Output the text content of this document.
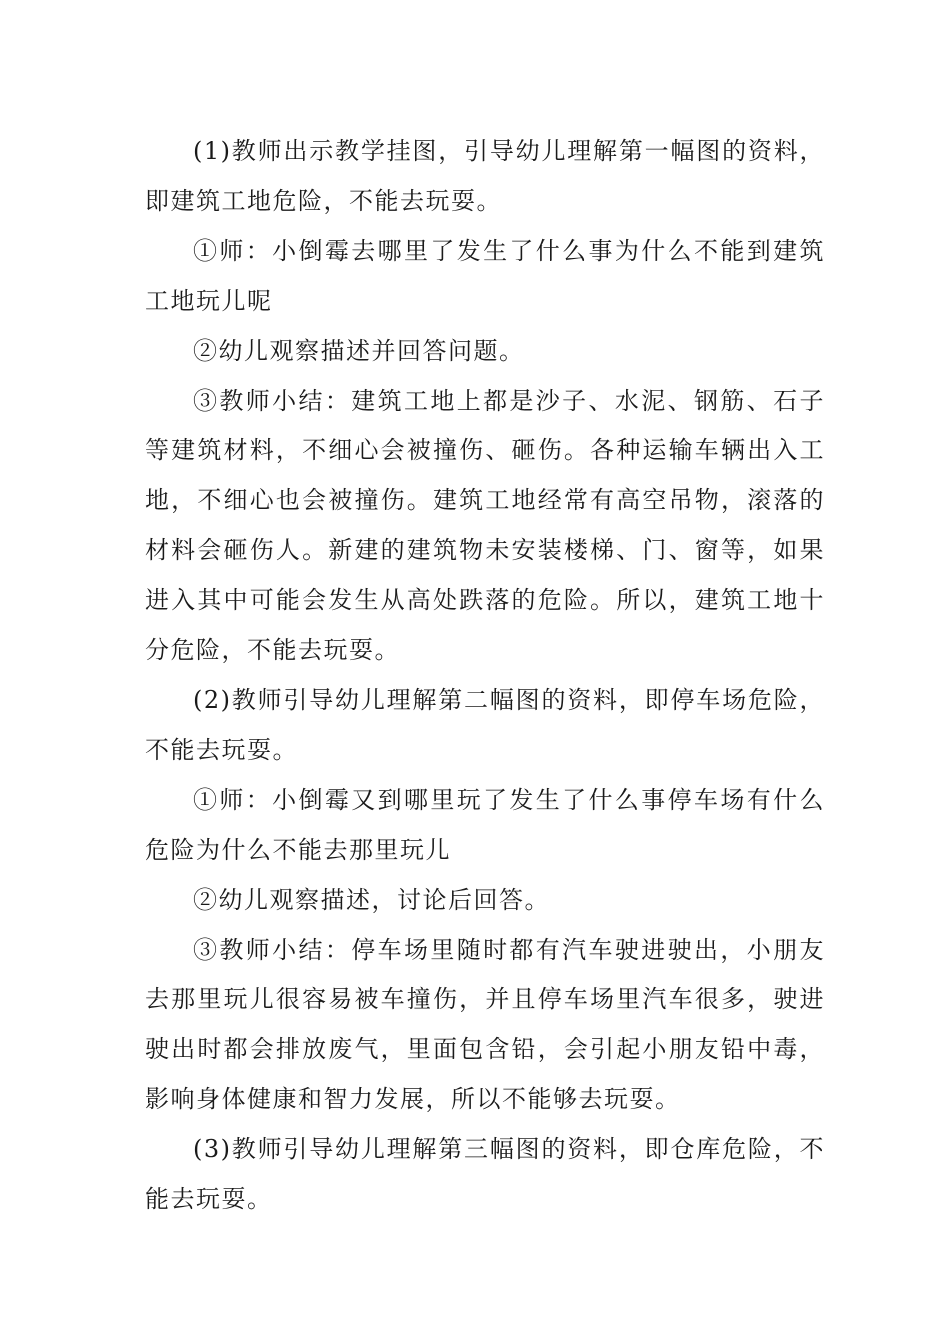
(1)教师出示教学挂图，引导幼儿理解第一幅图的资料，即建筑工地危险，不能去玩耍。

①师：小倒霉去哪里了发生了什么事为什么不能到建筑工地玩儿呢

②幼儿观察描述并回答问题。

③教师小结：建筑工地上都是沙子、水泥、钢筋、石子等建筑材料，不细心会被撞伤、砸伤。各种运输车辆出入工地，不细心也会被撞伤。建筑工地经常有高空吊物，滚落的材料会砸伤人。新建的建筑物未安装楼梯、门、窗等，如果进入其中可能会发生从高处跌落的危险。所以，建筑工地十分危险，不能去玩耍。

(2)教师引导幼儿理解第二幅图的资料，即停车场危险，不能去玩耍。

①师：小倒霉又到哪里玩了发生了什么事停车场有什么危险为什么不能去那里玩儿

②幼儿观察描述，讨论后回答。

③教师小结：停车场里随时都有汽车驶进驶出，小朋友去那里玩儿很容易被车撞伤，并且停车场里汽车很多，驶进驶出时都会排放废气，里面包含铅，会引起小朋友铅中毒，影响身体健康和智力发展，所以不能够去玩耍。

(3)教师引导幼儿理解第三幅图的资料，即仓库危险，不能去玩耍。
